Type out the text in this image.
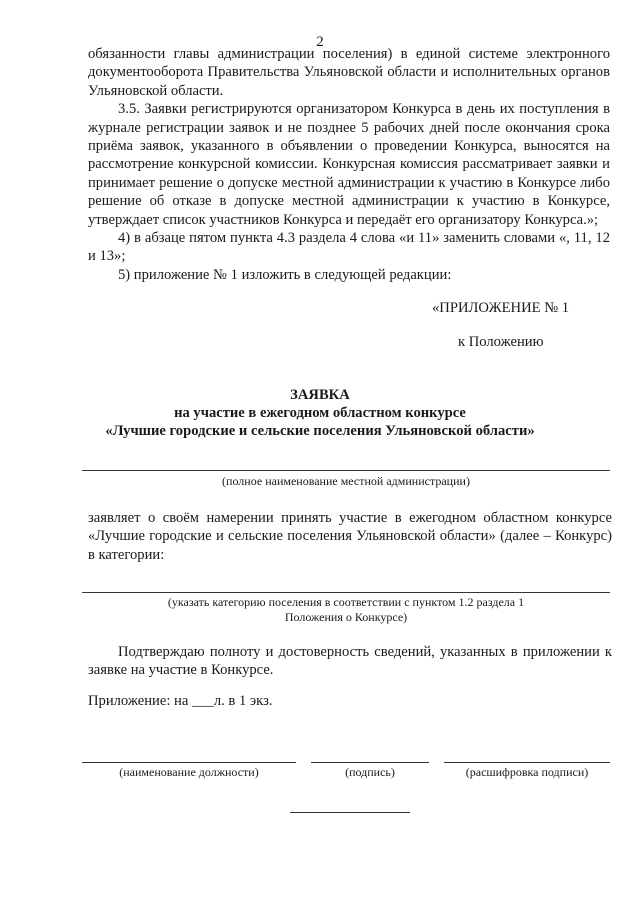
2

обязанности главы администрации поселения) в единой системе электронного документооборота Правительства Ульяновской области и исполнительных органов Ульяновской области.

3.5. Заявки регистрируются организатором Конкурса в день их поступления в журнале регистрации заявок и не позднее 5 рабочих дней после окончания срока приёма заявок, указанного в объявлении о проведении Конкурса, выносятся на рассмотрение конкурсной комиссии. Конкурсная комиссия рассматривает заявки и принимает решение о допуске местной администрации к участию в Конкурсе либо решение об отказе в допуске местной администрации к участию в Конкурсе, утверждает список участников Конкурса и передаёт его организатору Конкурса.»;

4) в абзаце пятом пункта 4.3 раздела 4 слова «и 11» заменить словами «, 11, 12 и 13»;

5) приложение № 1 изложить в следующей редакции:

«ПРИЛОЖЕНИЕ № 1
к Положению
ЗАЯВКА
на участие в ежегодном областном конкурсе
«Лучшие городские и сельские поселения Ульяновской области»
(полное наименование местной администрации)

заявляет о своём намерении принять участие в ежегодном областном конкурсе «Лучшие городские и сельские поселения Ульяновской области» (далее – Конкурс) в категории:

(указать категорию поселения в соответствии с пунктом 1.2 раздела 1
Положения о Конкурсе)

Подтверждаю полноту и достоверность сведений, указанных в приложении к заявке на участие в Конкурсе.

Приложение: на ___л. в 1 экз.
(наименование должности)	(подпись)	(расшифровка подписи)
